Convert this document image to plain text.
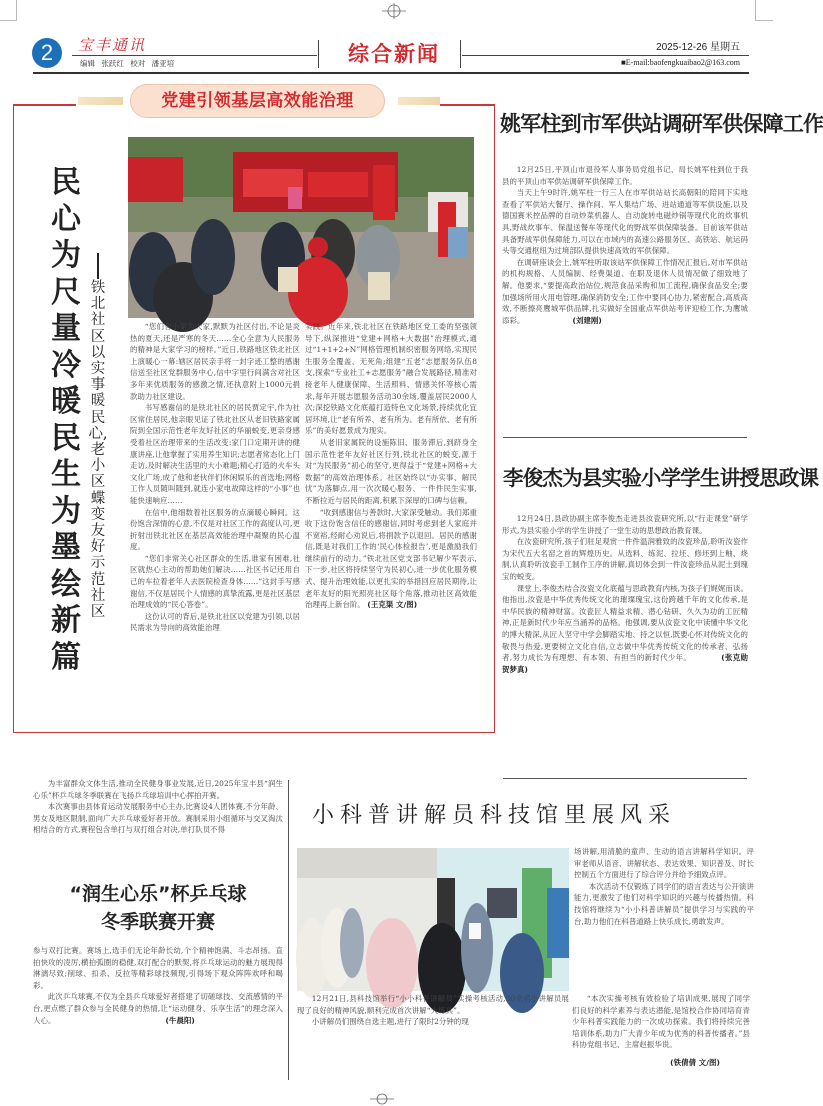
2	宝丰通讯
编辑 张跃红 校对 潘亚培	综合新闻	2025-12-26 星期五
■E-mail:baofengkuaibao2@163.com
党建引领基层高效能治理
民心为尺量冷暖 民生为墨绘新篇
铁北社区以实事暖民心,老小区蝶变友好示范社区

“您们舍小家为大家,默默为社区付出,不论是炎热的夏天,还是严寒的冬天……全心全意为人民服务的精神是大家学习的榜样。”近日,铁路地区铁北社区上演暖心一幕:辖区居民亲手将一封字迹工整的感谢信送至社区党群服务中心,信中字里行间满含对社区多年来优质服务的感激之情,还执意附上1000元捐款助力社区建设。

书写感谢信的是铁北社区的居民贾定宇,作为社区常住居民,他亲眼见证了铁北社区从老旧铁路家属院到全国示范性老年友好社区的华丽蜕变,更亲身感受着社区治理带来的生活改变:家门口定期开讲的健康讲座,让他掌握了实用养生知识;志愿者常态化上门走访,及时解决生活里的大小难题;精心打造的火车头文化广场,成了他和老伙伴们休闲娱乐的首选地;网格工作人员随叫随到,就连小家电故障这样的“小事”也能快速响应……

在信中,他细数着社区服务的点滴暖心瞬间。这份饱含深情的心意,不仅是对社区工作的高度认可,更折射出铁北社区在基层高效能治理中凝聚的民心温度。

“您们非常关心社区群众的生活,谁家有困难,社区就热心主动的帮助她们解决……社区书记还用自己的车拉着老年人去医院检查身体……”这封手写感谢信,不仅是居民个人情感的真挚流露,更是社区基层治理成效的“民心答卷”。

这份认可的背后,是铁北社区以党建为引领,以居民需求为导向的高效能治理

实践。近年来,铁北社区在铁路地区党工委的坚强领导下,纵深推进“党建+网格+大数据”治理模式,通过“1+1+2+N”网格管理机制织密服务网络,实现民生服务全覆盖、无死角;组建“五老”志愿服务队伍8支,探索“专业社工+志愿服务”融合发展路径,精准对接老年人健康保障、生活照料、情感关怀等核心需求,每年开展志愿服务活动30余场,覆盖居民2000人次;深挖铁路文化底蕴打造特色文化场景,持续优化宜居环境,让“老有所养、老有所为、老有所依、老有所乐”的美好愿景成为现实。

从老旧家属院的设施陈旧、服务滞后,到跻身全国示范性老年友好社区行列,铁北社区的蜕变,源于对“为民服务”初心的坚守,更得益于“党建+网格+大数据”的高效治理体系。社区始终以“办实事、解民忧”为落脚点,用一次次暖心服务、一件件民生实事,不断拉近与居民的距离,积累下深厚的口碑与信赖。

“收到感谢信与善款时,大家深受触动。我们郑重收下这份饱含信任的感谢信,同时考虑到老人家庭并不宽裕,经耐心劝说后,将捐款予以退回。居民的感谢信,既是对我们工作的‘民心体检报告’,更是激励我们继续前行的动力。”铁北社区党支部书记解少军表示,下一步,社区将持续坚守为民初心,进一步优化服务模式、提升治理效能,以更扎实的举措回应居民期待,让老年友好的阳光照亮社区每个角落,推动社区高效能治理再上新台阶。 (王克渠 文/图)

姚军柱到市军供站调研军供保障工作

12月25日,平顶山市退役军人事务局党组书记、局长姚军柱到位于我县的平顶山市军供站调研军供保障工作。

当天上午9时许,姚军柱一行三人在市军供站站长高朝阳的陪同下实地查看了军供站大餐厅、操作间、军人集结广场、进站通道等军供设施,以及德国赛米控品牌的自动炒菜机器人、自动旋转电磁炒锅等现代化的炊事机具,野战炊事车、保温送餐车等现代化的野战军供保障装备。目前该军供站具备野战军供保障能力,可以在市域内的高速公路服务区、高铁站、航运码头等交通枢纽为过境部队提供快速高效的军供保障。

在调研座谈会上,姚军柱听取该站军供保障工作情况汇报后,对市军供站的机构规格、人员编制、经费渠道、在职及退休人员情况做了细致地了解。他要求,“要提高政治站位,规范食品采购和加工流程,确保食品安全;要加强场所用火用电管理,确保消防安全;工作中要同心协力,紧密配合,高质高效,不断擦亮鹰城军供品牌,扎实做好全国重点军供站考评迎检工作,为鹰城添彩。	(刘建刚)

李俊杰为县实验小学学生讲授思政课

12月24日,县政协副主席李俊杰走进县汝瓷研究所,以“行走课堂”研学形式,为县实验小学的学生讲授了一堂生动的思想政治教育课。

在汝瓷研究所,孩子们驻足观赏一件件温润雅致的汝瓷珍品,聆听汝瓷作为宋代五大名窑之首的辉煌历史。从选料、练泥、拉坯、修坯到上釉、烧制,认真聆听汝瓷手工制作工序的讲解,真切体会到一件汝瓷珍品从泥土到瑰宝的蜕变。

课堂上,李俊杰结合汝瓷文化底蕴与思政教育内核,为孩子们娓娓而谈。他指出,汝瓷是中华优秀传统文化的璀璨瑰宝,这份跨越千年的文化传承,是中华民族的精神财富。汝瓷匠人精益求精、潜心钻研、久久为功的工匠精神,正是新时代少年应当涵养的品格。他强调,要从汝瓷文化中读懂中华文化的博大精深,从匠人坚守中学会脚踏实地、持之以恒,既要心怀对传统文化的敬畏与热爱,更要树立文化自信,立志做中华优秀传统文化的传承者、弘扬者,努力成长为有理想、有本领、有担当的新时代少年。	(张克勋 贺梦真)

为丰富群众文体生活,推动全民健身事业发展,近日,2025年宝丰县“润生心乐”杯乒乓球冬季联赛在飞扬乒乓球培训中心挥拍开赛。

本次赛事由县体育运动发展服务中心主办,比赛设4人团体赛,不分年龄、男女及地区限制,面向广大乒乓球爱好者开放。赛制采用小组循环与交叉淘汰相结合的方式,赛程包含单打与双打组合对决,单打队员不得

“润生心乐”杯乒乓球
冬季联赛开赛

参与双打比赛。赛场上,选手们无论年龄长幼,个个精神饱满、斗志昂扬。直拍快攻的凌厉,横拍弧圈的稳健,双打配合的默契,将乒乓球运动的魅力展现得淋漓尽致;削球、扣杀、反拉等精彩球技频现,引得场下观众阵阵欢呼和喝彩。

此次乒乓球赛,不仅为全县乒乓球爱好者搭建了切磋球技、交流感情的平台,更点燃了群众参与全民健身的热情,让“运动健身、乐享生活”的理念深入人心。	(牛晨阳)

小科普讲解员科技馆里展风采

12月21日,县科技馆举行“小小科普讲解员”实操考核活动,30余名小讲解员展现了良好的精神风貌,顺利完成首次讲解“大练兵”。

小讲解员们围绕自选主题,进行了限时2分钟的现

场讲解,用清脆的童声、生动的语言讲解科学知识。评审老师从语音、讲解状态、表达效果、知识普及、时长控制五个方面进行了综合评分并给予细致点评。

本次活动不仅锻炼了同学们的语言表达与公开演讲能力,更激发了他们对科学知识的兴趣与传播热情。科技馆将继续为“小小科普讲解员”提供学习与实践的平台,助力他们在科普道路上快乐成长,勇敢发声。

“本次实操考核有效检验了培训成果,展现了同学们良好的科学素养与表达潜能,是馆校合作协同培育青少年科普实践能力的一次成功探索。我们将持续完善培训体系,助力广大青少年成为优秀的科普传播者。”县科协党组书记、主席赵振华说。

(铁倩倩 文/图)
